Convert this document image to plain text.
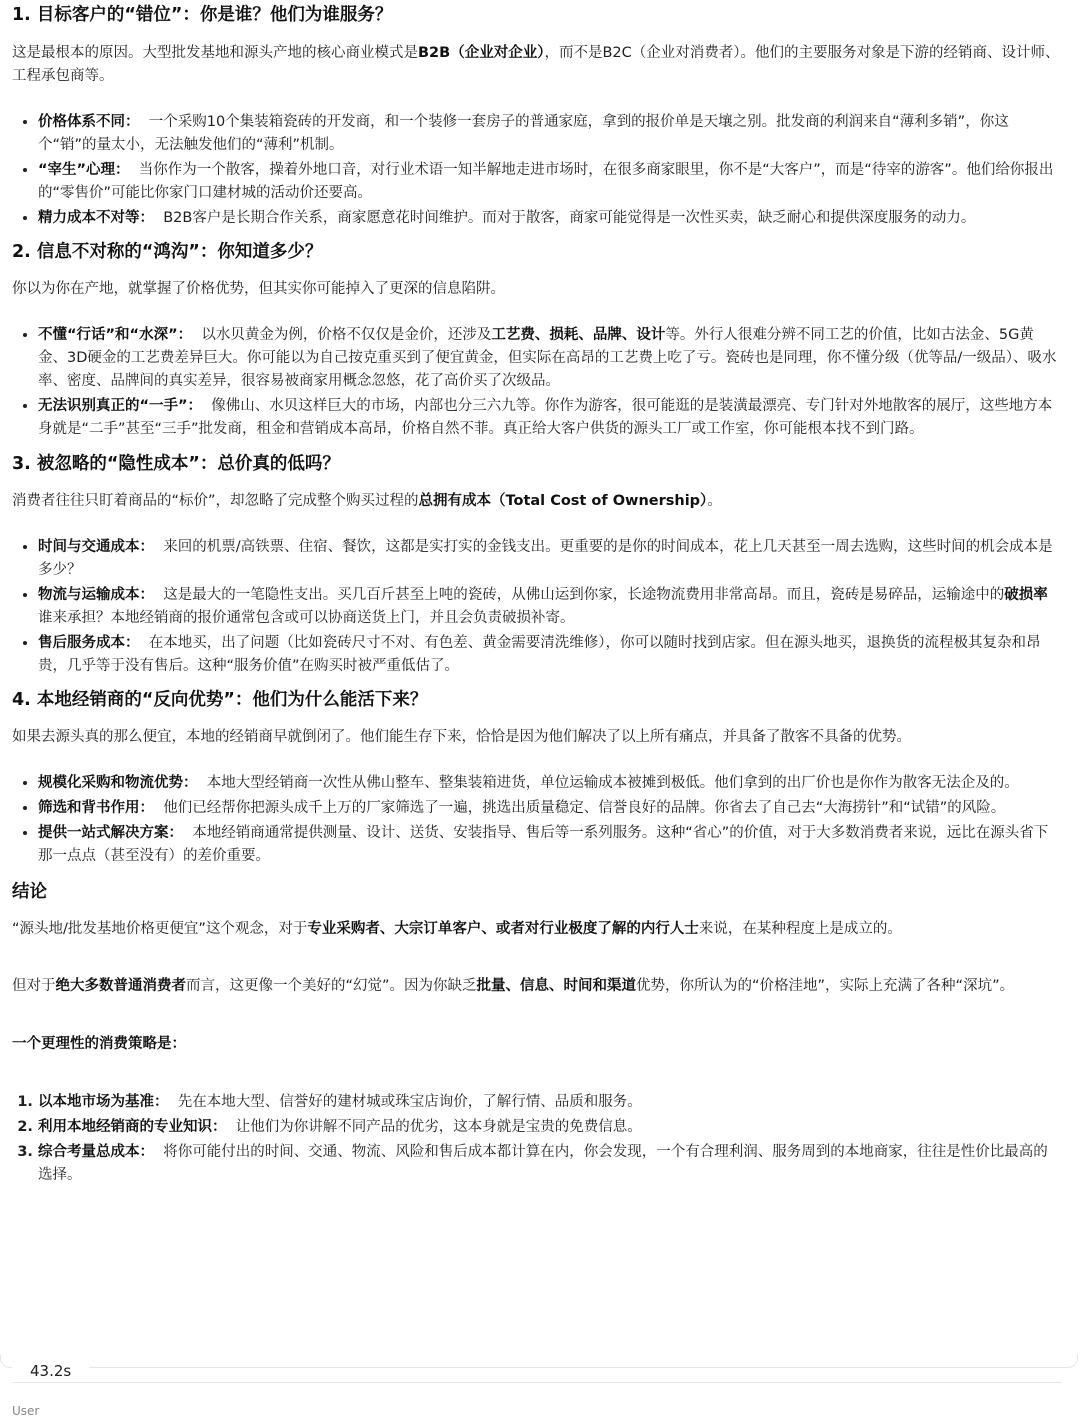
1. 目标客户的“错位”：你是谁？他们为谁服务？

这是最根本的原因。大型批发基地和源头产地的核心商业模式是B2B（企业对企业），而不是B2C（企业对消费者）。他们的主要服务对象是下游的经销商、设计师、工程承包商等。

• 价格体系不同： 一个采购10个集装箱瓷砖的开发商，和一个装修一套房子的普通家庭，拿到的报价单是天壤之别。批发商的利润来自“薄利多销”，你这个“销”的量太小，无法触发他们的“薄利”机制。
• “宰生”心理： 当你作为一个散客，操着外地口音，对行业术语一知半解地走进市场时，在很多商家眼里，你不是“大客户”，而是“待宰的游客”。他们给你报出的“零售价”可能比你家门口建材城的活动价还要高。
• 精力成本不对等： B2B客户是长期合作关系，商家愿意花时间维护。而对于散客，商家可能觉得是一次性买卖，缺乏耐心和提供深度服务的动力。
2. 信息不对称的“鸿沟”：你知道多少？

你以为你在产地，就掌握了价格优势，但其实你可能掉入了更深的信息陷阱。

• 不懂“行话”和“水深”： 以水贝黄金为例，价格不仅仅是金价，还涉及工艺费、损耗、品牌、设计等。外行人很难分辨不同工艺的价值，比如古法金、5G黄金、3D硬金的工艺费差异巨大。你可能以为自己按克重买到了便宜黄金，但实际在高昂的工艺费上吃了亏。瓷砖也是同理，你不懂分级（优等品/一级品）、吸水率、密度、品牌间的真实差异，很容易被商家用概念忽悠，花了高价买了次级品。
• 无法识别真正的“一手”： 像佛山、水贝这样巨大的市场，内部也分三六九等。你作为游客，很可能逛的是装潢最漂亮、专门针对外地散客的展厅，这些地方本身就是“二手”甚至“三手”批发商，租金和营销成本高昂，价格自然不菲。真正给大客户供货的源头工厂或工作室，你可能根本找不到门路。
3. 被忽略的“隐性成本”：总价真的低吗？

消费者往往只盯着商品的“标价”，却忽略了完成整个购买过程的总拥有成本（Total Cost of Ownership）。

• 时间与交通成本： 来回的机票/高铁票、住宿、餐饮，这都是实打实的金钱支出。更重要的是你的时间成本，花上几天甚至一周去选购，这些时间的机会成本是多少？
• 物流与运输成本： 这是最大的一笔隐性支出。买几百斤甚至上吨的瓷砖，从佛山运到你家，长途物流费用非常高昂。而且，瓷砖是易碎品，运输途中的破损率谁来承担？本地经销商的报价通常包含或可以协商送货上门，并且会负责破损补寄。
• 售后服务成本： 在本地买，出了问题（比如瓷砖尺寸不对、有色差、黄金需要清洗维修），你可以随时找到店家。但在源头地买，退换货的流程极其复杂和昂贵，几乎等于没有售后。这种“服务价值”在购买时被严重低估了。
4. 本地经销商的“反向优势”：他们为什么能活下来？

如果去源头真的那么便宜，本地的经销商早就倒闭了。他们能生存下来，恰恰是因为他们解决了以上所有痛点，并具备了散客不具备的优势。

• 规模化采购和物流优势： 本地大型经销商一次性从佛山整车、整集装箱进货，单位运输成本被摊到极低。他们拿到的出厂价也是你作为散客无法企及的。
• 筛选和背书作用： 他们已经帮你把源头成千上万的厂家筛选了一遍，挑选出质量稳定、信誉良好的品牌。你省去了自己去“大海捞针”和“试错”的风险。
• 提供一站式解决方案： 本地经销商通常提供测量、设计、送货、安装指导、售后等一系列服务。这种“省心”的价值，对于大多数消费者来说，远比在源头省下那一点点（甚至没有）的差价重要。
结论

“源头地/批发基地价格更便宜”这个观念，对于专业采购者、大宗订单客户、或者对行业极度了解的内行人士来说，在某种程度上是成立的。

但对于绝大多数普通消费者而言，这更像一个美好的“幻觉”。因为你缺乏批量、信息、时间和渠道优势，你所认为的“价格洼地”，实际上充满了各种“深坑”。

一个更理性的消费策略是：

1. 以本地市场为基准： 先在本地大型、信誉好的建材城或珠宝店询价，了解行情、品质和服务。
2. 利用本地经销商的专业知识： 让他们为你讲解不同产品的优劣，这本身就是宝贵的免费信息。
3. 综合考量总成本： 将你可能付出的时间、交通、物流、风险和售后成本都计算在内，你会发现，一个有合理利润、服务周到的本地商家，往往是性价比最高的选择。
43.2s
User
